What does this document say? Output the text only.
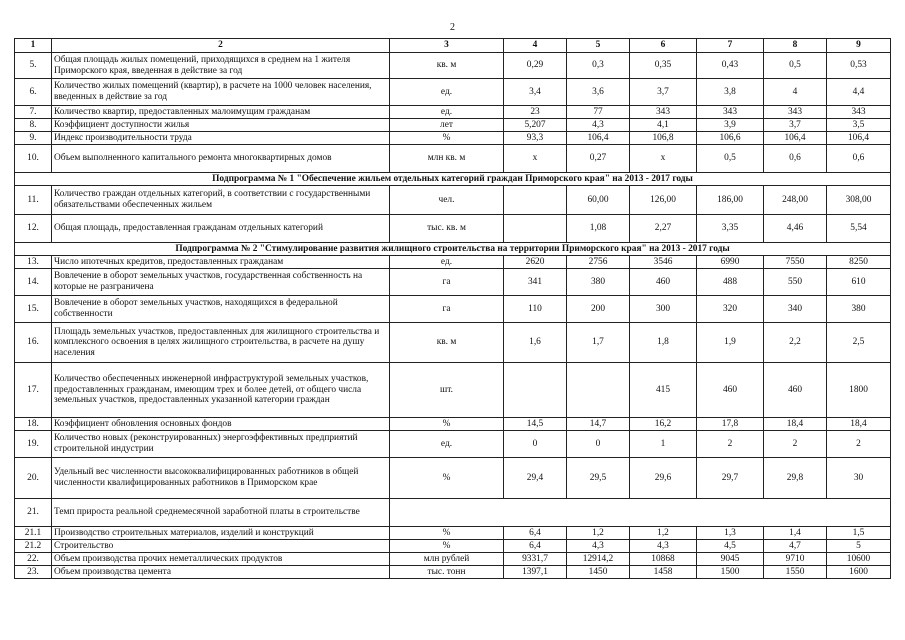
2
1	2	3	4	5	6	7	8	9
5.	Общая площадь жилых помещений, приходящихся в среднем на 1 жителя Приморского края, введенная в действие за год	кв. м	0,29	0,3	0,35	0,43	0,5	0,53
6.	Количество жилых помещений (квартир), в расчете на 1000 человек населения, введенных в действие за год	ед.	3,4	3,6	3,7	3,8	4	4,4
7.	Количество квартир, предоставленных малоимущим гражданам	ед.	23	77	343	343	343	343
8.	Коэффициент доступности жилья	лет	5,207	4,3	4,1	3,9	3,7	3,5
9.	Индекс производительности труда	%	93,3	106,4	106,8	106,6	106,4	106,4
10.	Объем выполненного капитального ремонта многоквартирных домов	млн кв. м	х	0,27	х	0,5	0,6	0,6
Подпрограмма № 1 "Обеспечение жильем отдельных категорий граждан Приморского края" на 2013 - 2017 годы								
11.	Количество граждан отдельных категорий, в соответствии с государственными обязательствами обеспеченных жильем	чел.		60,00	126,00	186,00	248,00	308,00
12.	Общая площадь, предоставленная гражданам отдельных категорий	тыс. кв. м		1,08	2,27	3,35	4,46	5,54
Подпрограмма № 2 "Стимулирование развития жилищного строительства на территории Приморского края" на 2013 - 2017 годы								
13.	Число ипотечных кредитов, предоставленных гражданам	ед.	2620	2756	3546	6990	7550	8250
14.	Вовлечение в оборот земельных участков, государственная собственность на которые не разграничена	га	341	380	460	488	550	610
15.	Вовлечение в оборот земельных участков, находящихся в федеральной собственности	га	110	200	300	320	340	380
16.	Площадь земельных участков, предоставленных для жилищного строительства и комплексного освоения в целях жилищного строительства, в расчете на душу населения	кв. м	1,6	1,7	1,8	1,9	2,2	2,5
17.	Количество обеспеченных инженерной инфраструктурой земельных участков, предоставленных гражданам, имеющим трех и более детей, от общего числа земельных участков, предоставленных указанной категории граждан	шт.			415	460	460	1800
18.	Коэффициент обновления основных фондов	%	14,5	14,7	16,2	17,8	18,4	18,4
19.	Количество новых (реконструированных) энергоэффективных предприятий строительной индустрии	ед.	0	0	1	2	2	2
20.	Удельный вес численности высококвалифицированных работников в общей численности квалифицированных работников в Приморском крае	%	29,4	29,5	29,6	29,7	29,8	30
21.	Темп прироста реальной среднемесячной заработной платы в строительстве							
21.1	Производство строительных материалов, изделий и конструкций	%	6,4	1,2	1,2	1,3	1,4	1,5
21.2	Строительство	%	6,4	4,3	4,3	4,5	4,7	5
22.	Объем производства прочих неметаллических продуктов	млн рублей	9331,7	12914,2	10868	9045	9710	10600
23.	Объем производства цемента	тыс. тонн	1397,1	1450	1458	1500	1550	1600
